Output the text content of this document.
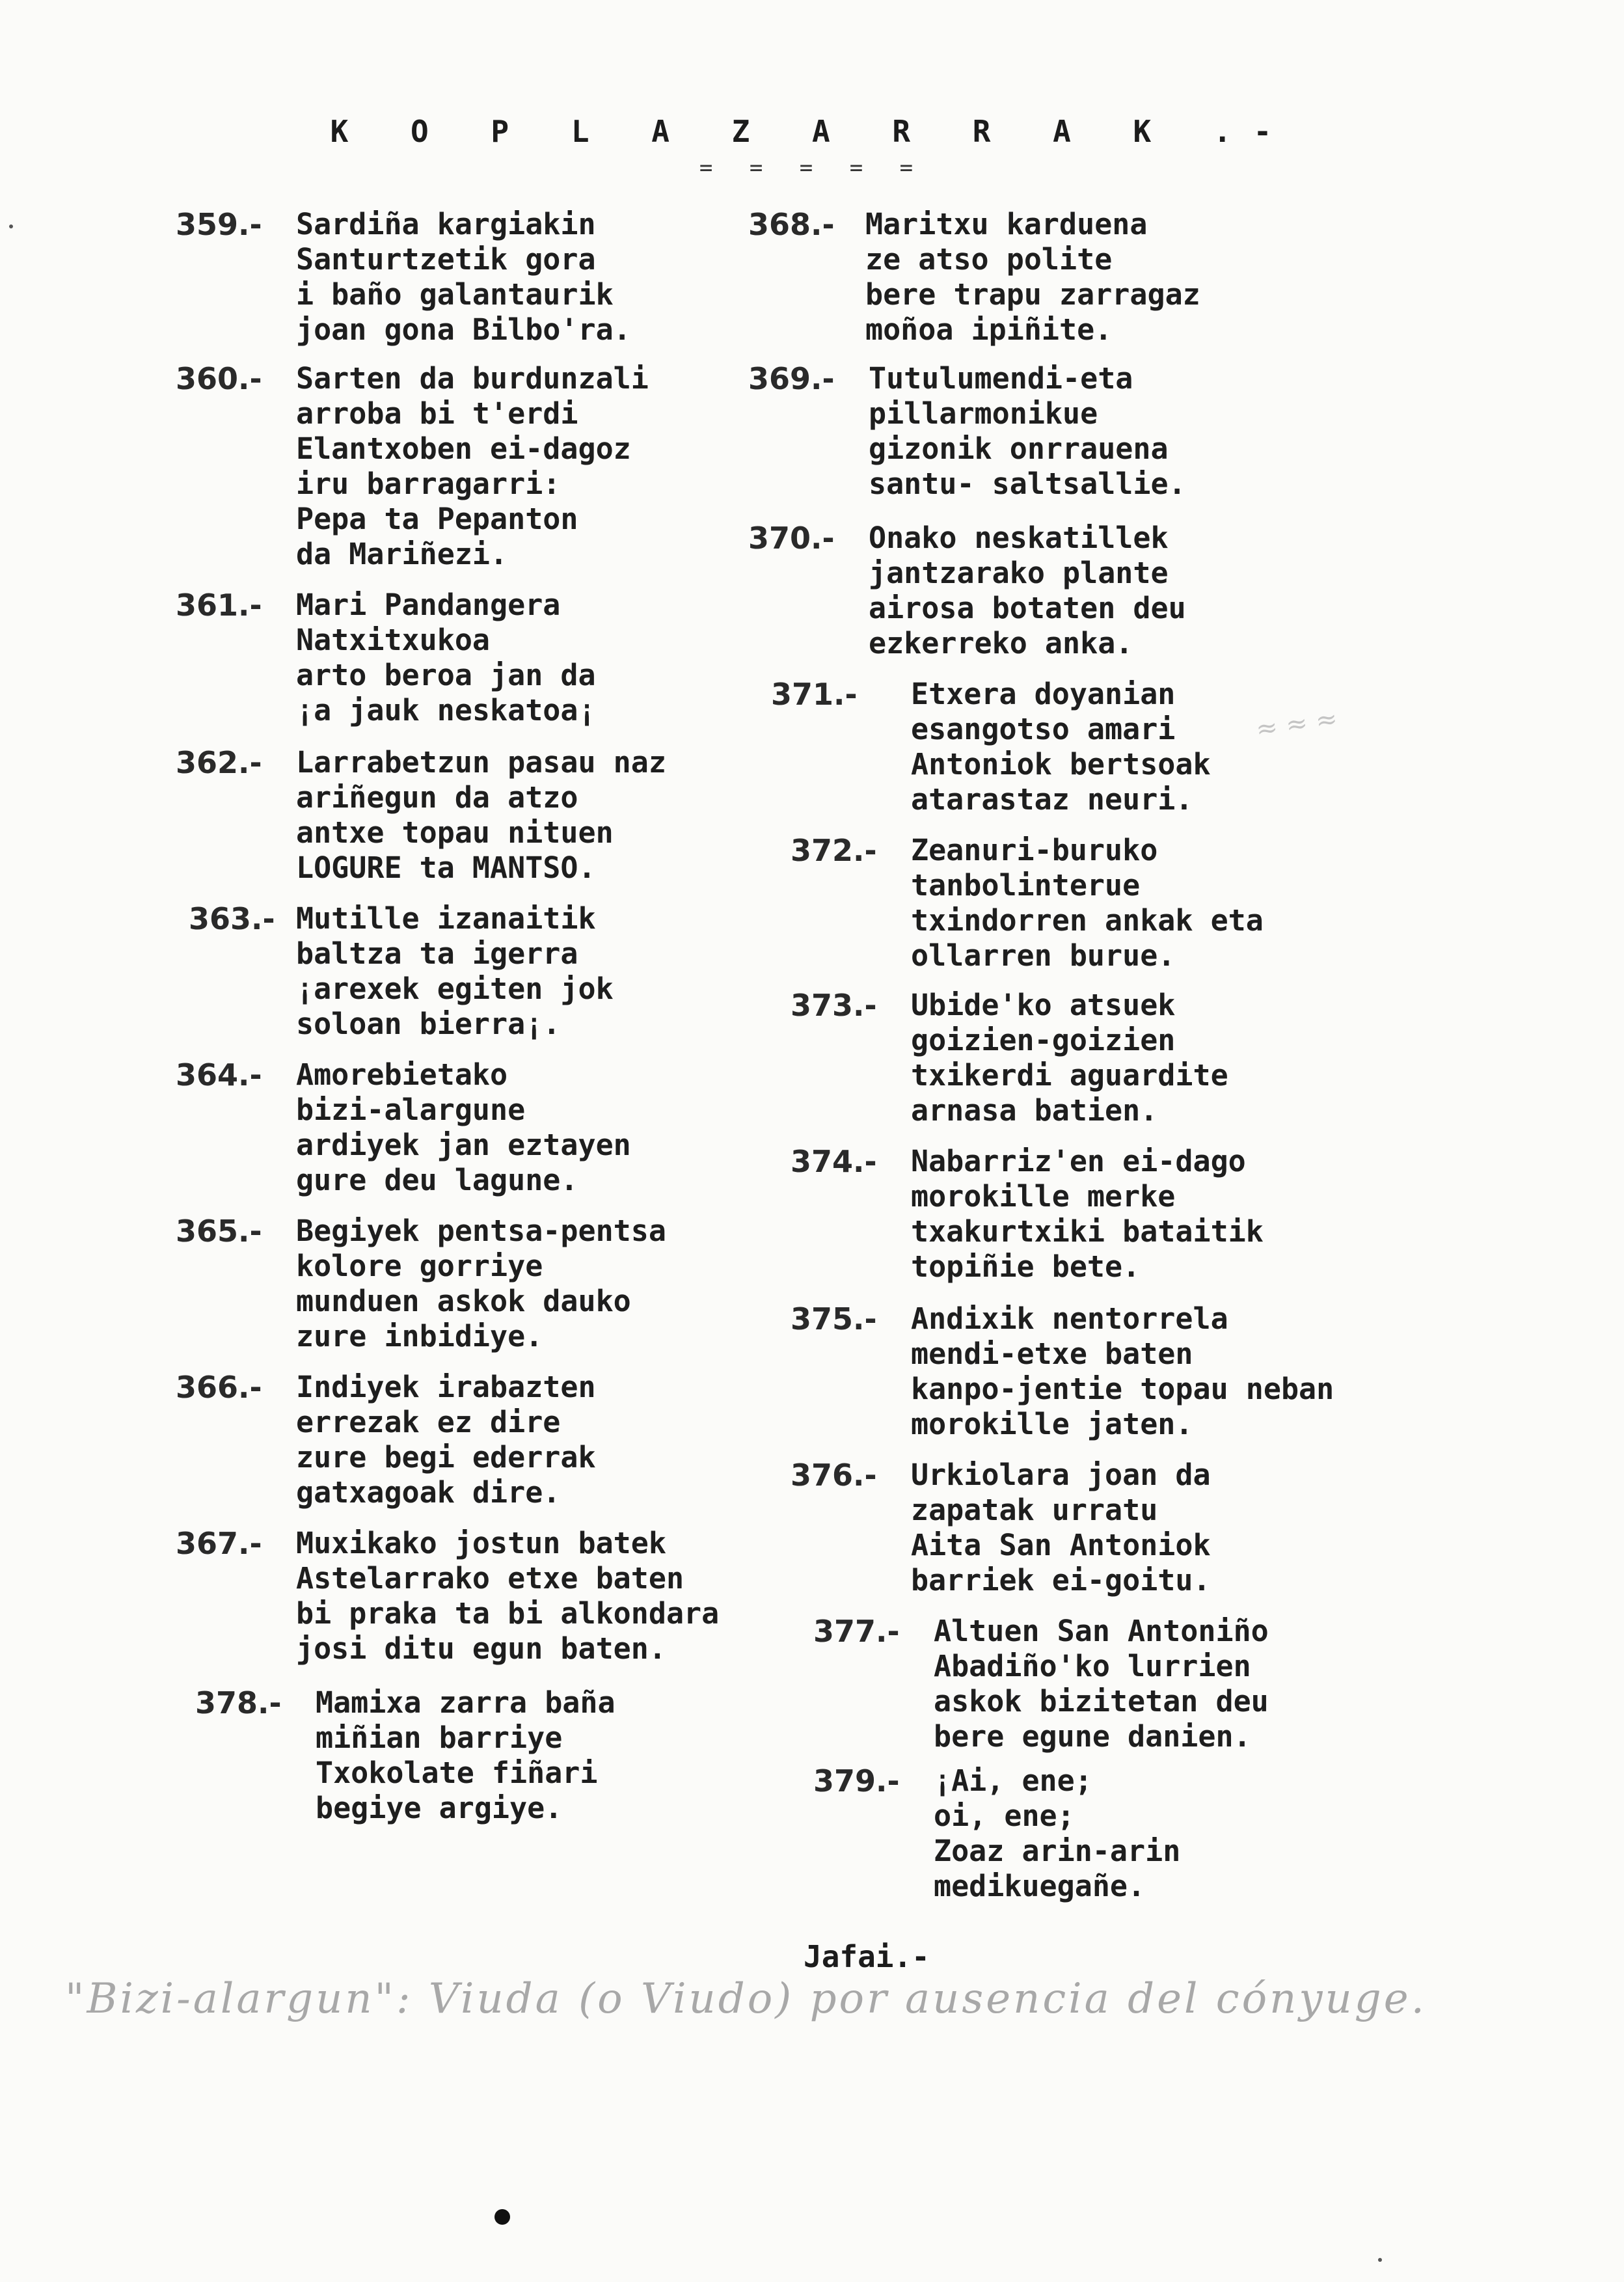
K O P L A Z A R R A K .-
= = = = =
359.- Sardiña kargiakin
Santurtzetik gora
i baño galantaurik
joan gona Bilbo'ra.
360.- Sarten da burdunzali
arroba bi t'erdi
Elantxoben ei-dagoz
iru barragarri:
Pepa ta Pepanton
da Mariñezi.
361.- Mari Pandangera
Natxitxukoa
arto beroa jan da
¡a jauk neskatoa¡
362.- Larrabetzun pasau naz
ariñegun da atzo
antxe topau nituen
LOGURE ta MANTSO.
363.- Mutille izanaitik
baltza ta igerra
¡arexek egiten jok
soloan bierra¡.
364.- Amorebietako
bizi-alargune
ardiyek jan eztayen
gure deu lagune.
365.- Begiyek pentsa-pentsa
kolore gorriye
munduen askok dauko
zure inbidiye.
366.- Indiyek irabazten
errezak ez dire
zure begi ederrak
gatxagoak dire.
367.- Muxikako jostun batek
Astelarrako etxe baten
bi praka ta bi alkondara
josi ditu egun baten.
378.- Mamixa zarra baña
miñian barriye
Txokolate fiñari
begiye argiye.
368.- Maritxu karduena
ze atso polite
bere trapu zarragaz
moñoa ipiñite.
369.- Tutulumendi-eta
pillarmonikue
gizonik onrrauena
santu- saltsallie.
370.- Onako neskatillek
jantzarako plante
airosa botaten deu
ezkerreko anka.
371.- Etxera doyanian
esangotso amari
Antoniok bertsoak
atarastaz neuri.
372.- Zeanuri-buruko
tanbolinterue
txindorren ankak eta
ollarren burue.
373.- Ubide'ko atsuek
goizien-goizien
txikerdi aguardite
arnasa batien.
374.- Nabarriz'en ei-dago
morokille merke
txakurtxiki bataitik
topiñie bete.
375.- Andixik nentorrela
mendi-etxe baten
kanpo-jentie topau neban
morokille jaten.
376.- Urkiolara joan da
zapatak urratu
Aita San Antoniok
barriek ei-goitu.
377.- Altuen San Antoniño
Abadiño'ko lurrien
askok bizitetan deu
bere egune danien.
379.- ¡Ai, ene;
oi, ene;
Zoaz arin-arin
medikuegañe.
≈ ≈ ≈
Jafai.-
"Bizi-alargun": Viuda (o Viudo) por ausencia del cónyuge.
